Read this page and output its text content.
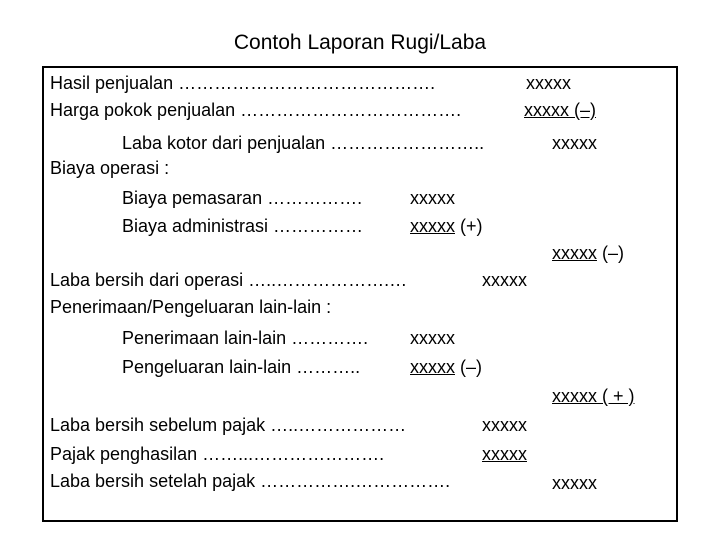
Contoh Laporan Rugi/Laba
Hasil penjualan …………………………………….	xxxxx
Harga pokok penjualan ……………………………….	xxxxx (–)
Laba kotor dari penjualan ……………………..	xxxxx
Biaya operasi :
Biaya pemasaran …………….	xxxxx
Biaya administrasi ……………	xxxxx (+)
xxxxx (–)
Laba bersih dari operasi …..……………….…	xxxxx
Penerimaan/Pengeluaran lain-lain :
Penerimaan lain-lain …………. xxxxx
Pengeluaran lain-lain ………..	xxxxx (–)
xxxxx ( + )
Laba bersih sebelum pajak …..………………	xxxxx
Pajak penghasilan ……...………………….	xxxxx
Laba bersih setelah pajak …………….…………….	xxxxx
